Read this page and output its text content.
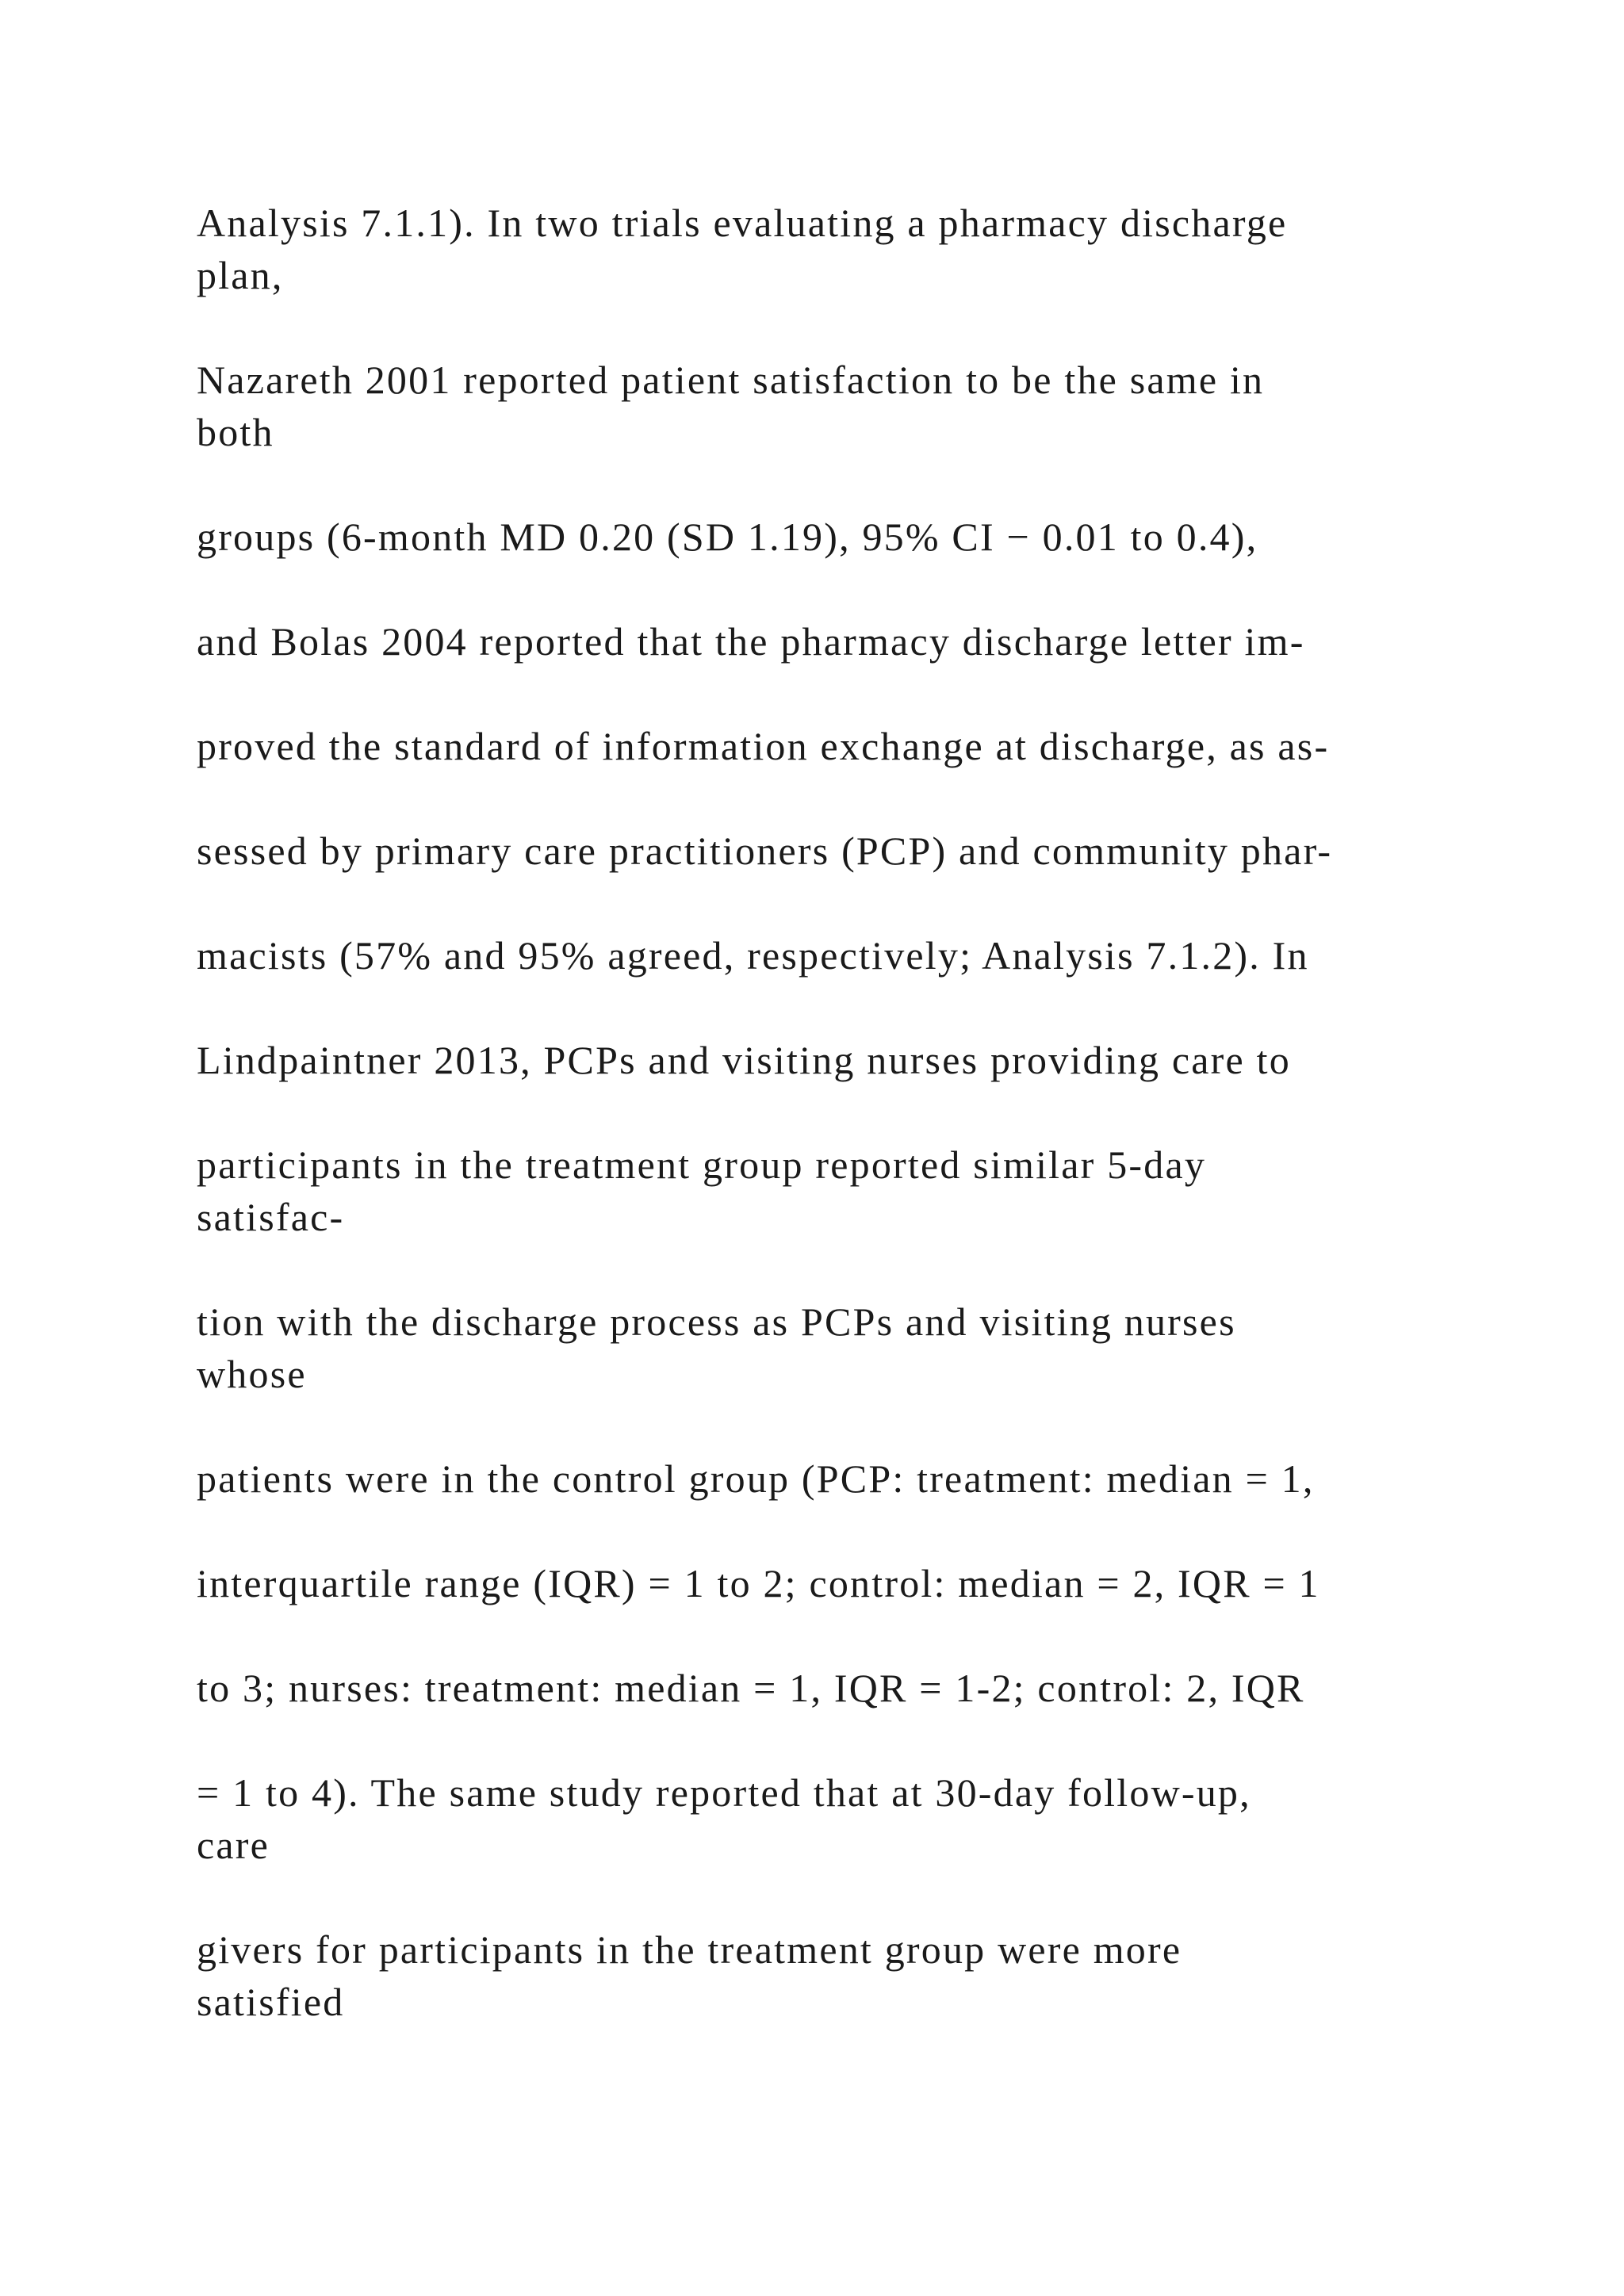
Analysis 7.1.1). In two trials evaluating a pharmacy discharge
plan,

Nazareth 2001 reported patient satisfaction to be the same in
both

groups (6-month MD 0.20 (SD 1.19), 95% CI − 0.01 to 0.4),

and Bolas 2004 reported that the pharmacy discharge letter im-

proved the standard of information exchange at discharge, as as-

sessed by primary care practitioners (PCP) and community phar-

macists (57% and 95% agreed, respectively; Analysis 7.1.2). In

Lindpaintner 2013, PCPs and visiting nurses providing care to

participants in the treatment group reported similar 5-day
satisfac-

tion with the discharge process as PCPs and visiting nurses
whose

patients were in the control group (PCP: treatment: median = 1,

interquartile range (IQR) = 1 to 2; control: median = 2, IQR = 1

to 3; nurses: treatment: median = 1, IQR = 1-2; control: 2, IQR

= 1 to 4). The same study reported that at 30-day follow-up,
care

givers for participants in the treatment group were more
satisfied
